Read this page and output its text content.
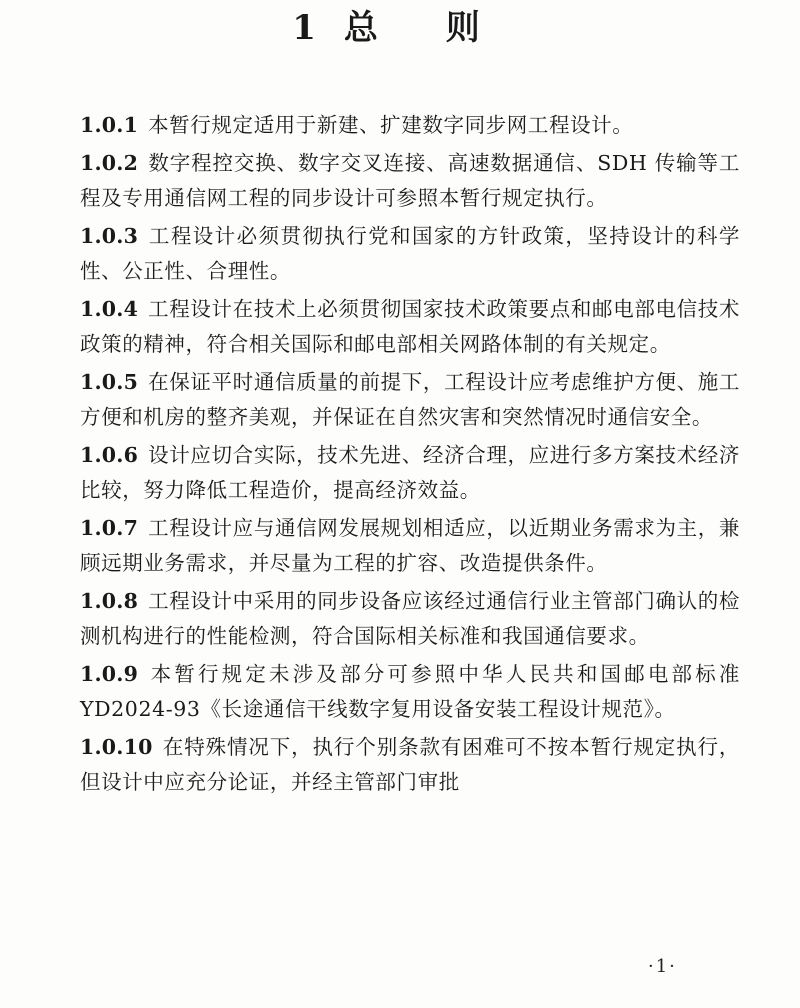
1 总 则

1.0.1 本暂行规定适用于新建、扩建数字同步网工程设计。

1.0.2 数字程控交换、数字交叉连接、高速数据通信、SDH 传输等工程及专用通信网工程的同步设计可参照本暂行规定执行。

1.0.3 工程设计必须贯彻执行党和国家的方针政策，坚持设计的科学性、公正性、合理性。

1.0.4 工程设计在技术上必须贯彻国家技术政策要点和邮电部电信技术政策的精神，符合相关国际和邮电部相关网路体制的有关规定。

1.0.5 在保证平时通信质量的前提下，工程设计应考虑维护方便、施工方便和机房的整齐美观，并保证在自然灾害和突然情况时通信安全。

1.0.6 设计应切合实际，技术先进、经济合理，应进行多方案技术经济比较，努力降低工程造价，提高经济效益。

1.0.7 工程设计应与通信网发展规划相适应，以近期业务需求为主，兼顾远期业务需求，并尽量为工程的扩容、改造提供条件。

1.0.8 工程设计中采用的同步设备应该经过通信行业主管部门确认的检测机构进行的性能检测，符合国际相关标准和我国通信要求。

1.0.9 本暂行规定未涉及部分可参照中华人民共和国邮电部标准 YD2024-93《长途通信干线数字复用设备安装工程设计规范》。

1.0.10 在特殊情况下，执行个别条款有困难可不按本暂行规定执行，但设计中应充分论证，并经主管部门审批

·1·
